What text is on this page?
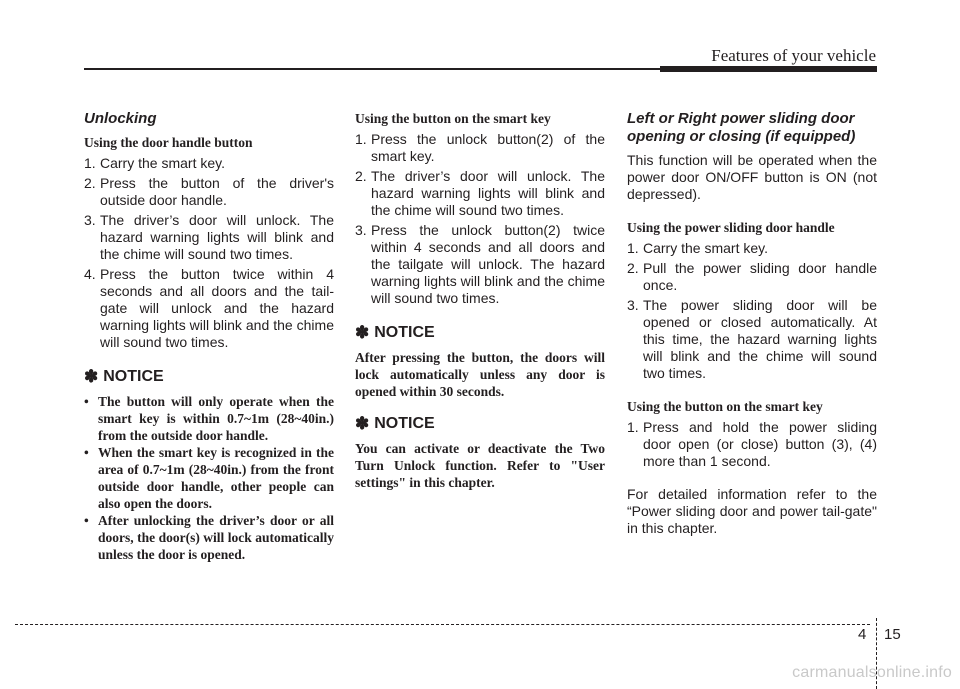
Features of your vehicle
Unlocking
Using the door handle button
1. Carry the smart key.
2. Press the button of the driver's outside door handle.
3. The driver’s door will unlock. The hazard warning lights will blink and the chime will sound two times.
4. Press the button twice within 4 seconds and all doors and the tail-gate will unlock and the hazard warning lights will blink and the chime will sound two times.
✽ NOTICE
• The button will only operate when the smart key is within 0.7~1m (28~40in.) from the outside door handle.
• When the smart key is recognized in the area of 0.7~1m (28~40in.) from the front outside door handle, other people can also open the doors.
• After unlocking the driver’s door or all doors, the door(s) will lock automatically unless the door is opened.
Using the button on the smart key
1. Press the unlock button(2) of the smart key.
2. The driver’s door will unlock. The hazard warning lights will blink and the chime will sound two times.
3. Press the unlock button(2) twice within 4 seconds and all doors and the tailgate will unlock. The hazard warning lights will blink and the chime will sound two times.
✽ NOTICE
After pressing the button, the doors will lock automatically unless any door is opened within 30 seconds.
✽ NOTICE
You can activate or deactivate the Two Turn Unlock function. Refer to "User settings" in this chapter.
Left or Right power sliding door opening or closing (if equipped)
This function will be operated when the power door ON/OFF button is ON (not depressed).
Using the power sliding door handle
1. Carry the smart key.
2. Pull the power sliding door handle once.
3. The power sliding door will be opened or closed automatically. At this time, the hazard warning lights will blink and the chime will sound two times.
Using the button on the smart key
1. Press and hold the power sliding door open (or close) button (3), (4) more than 1 second.
For detailed information refer to the “Power sliding door and power tail-gate" in this chapter.
4 15
carmanualsonline.info
